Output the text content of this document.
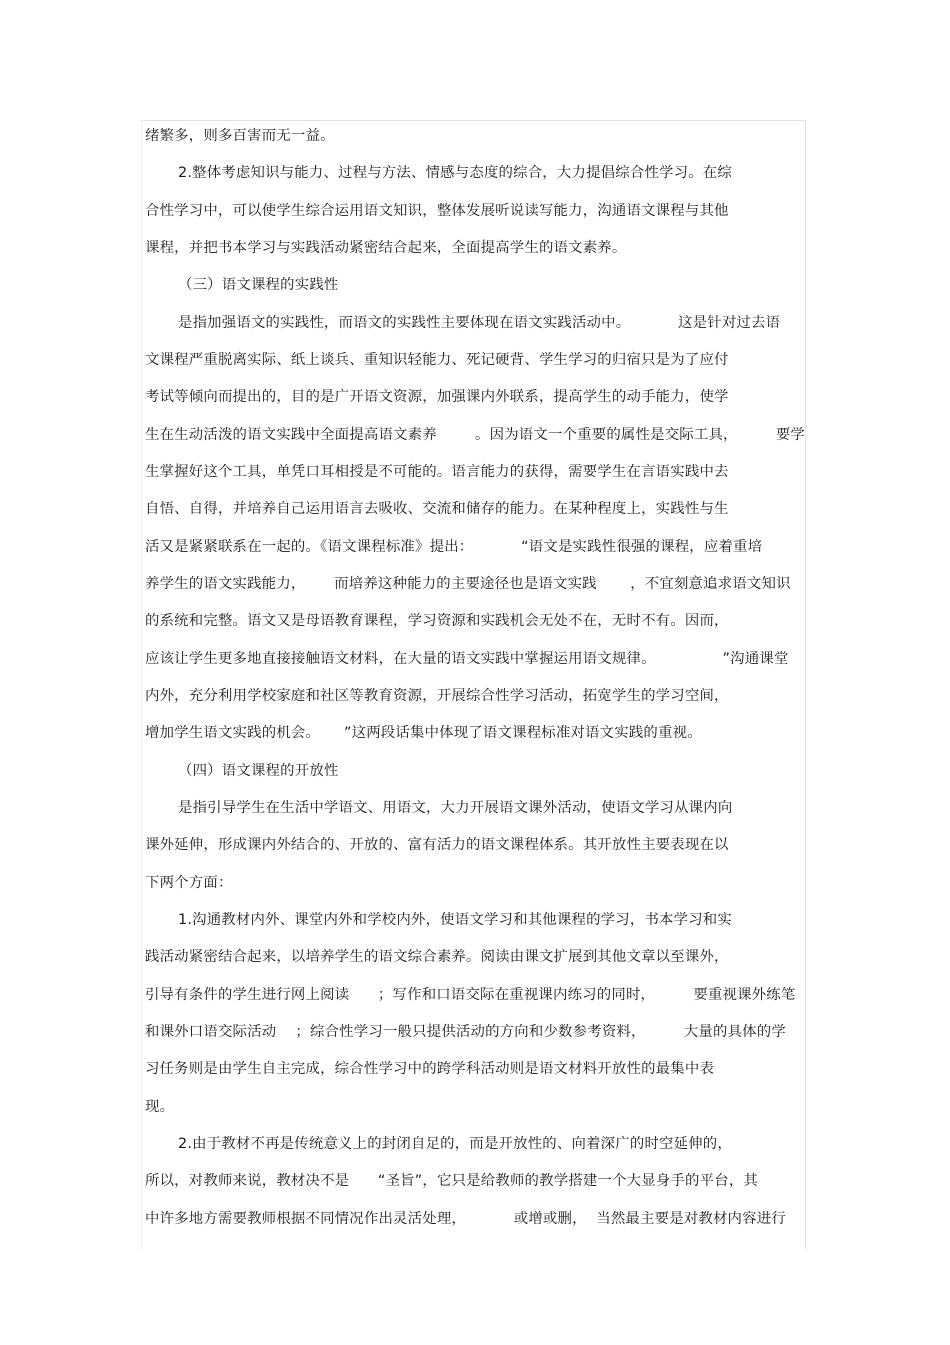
绪繁多，则多百害而无一益。
2.整体考虑知识与能力、过程与方法、情感与态度的综合，大力提倡综合性学习。在综
合性学习中，可以使学生综合运用语文知识，整体发展听说读写能力，沟通语文课程与其他
课程，并把书本学习与实践活动紧密结合起来，全面提高学生的语文素养。
（三）语文课程的实践性
是指加强语文的实践性，而语文的实践性主要体现在语文实践活动中。          这是针对过去语
文课程严重脱离实际、纸上谈兵、重知识轻能力、死记硬背、学生学习的归宿只是为了应付
考试等倾向而提出的，目的是广开语文资源，加强课内外联系，提高学生的动手能力，使学
生在生动活泼的语文实践中全面提高语文素养        。因为语文一个重要的属性是交际工具，        要学
生掌握好这个工具，单凭口耳相授是不可能的。语言能力的获得，需要学生在言语实践中去
自悟、自得，并培养自己运用语言去吸收、交流和储存的能力。在某种程度上，实践性与生
活又是紧紧联系在一起的。《语文课程标准》提出：          “语文是实践性很强的课程，应着重培
养学生的语文实践能力，      而培养这种能力的主要途径也是语文实践       ，不宜刻意追求语文知识
的系统和完整。语文又是母语教育课程，学习资源和实践机会无处不在，无时不有。因而，
应该让学生更多地直接接触语文材料，在大量的语文实践中掌握运用语文规律。              ”沟通课堂
内外，充分利用学校家庭和社区等教育资源，开展综合性学习活动，拓宽学生的学习空间，
增加学生语文实践的机会。     ”这两段话集中体现了语文课程标准对语文实践的重视。
（四）语文课程的开放性
是指引导学生在生活中学语文、用语文，大力开展语文课外活动，使语文学习从课内向
课外延伸，形成课内外结合的、开放的、富有活力的语文课程体系。其开放性主要表现在以
下两个方面：
1.沟通教材内外、课堂内外和学校内外，使语文学习和其他课程的学习，书本学习和实
践活动紧密结合起来，以培养学生的语文综合素养。阅读由课文扩展到其他文章以至课外，
引导有条件的学生进行网上阅读      ；写作和口语交际在重视课内练习的同时，        要重视课外练笔
和课外口语交际活动    ；综合性学习一般只提供活动的方向和少数参考资料，        大量的具体的学
习任务则是由学生自主完成，综合性学习中的跨学科活动则是语文材料开放性的最集中表
现。
2.由于教材不再是传统意义上的封闭自足的，而是开放性的、向着深广的时空延伸的，
所以，对教师来说，教材决不是      “圣旨”，它只是给教师的教学搭建一个大显身手的平台，其
中许多地方需要教师根据不同情况作出灵活处理，          或增或删，  当然最主要是对教材内容进行
